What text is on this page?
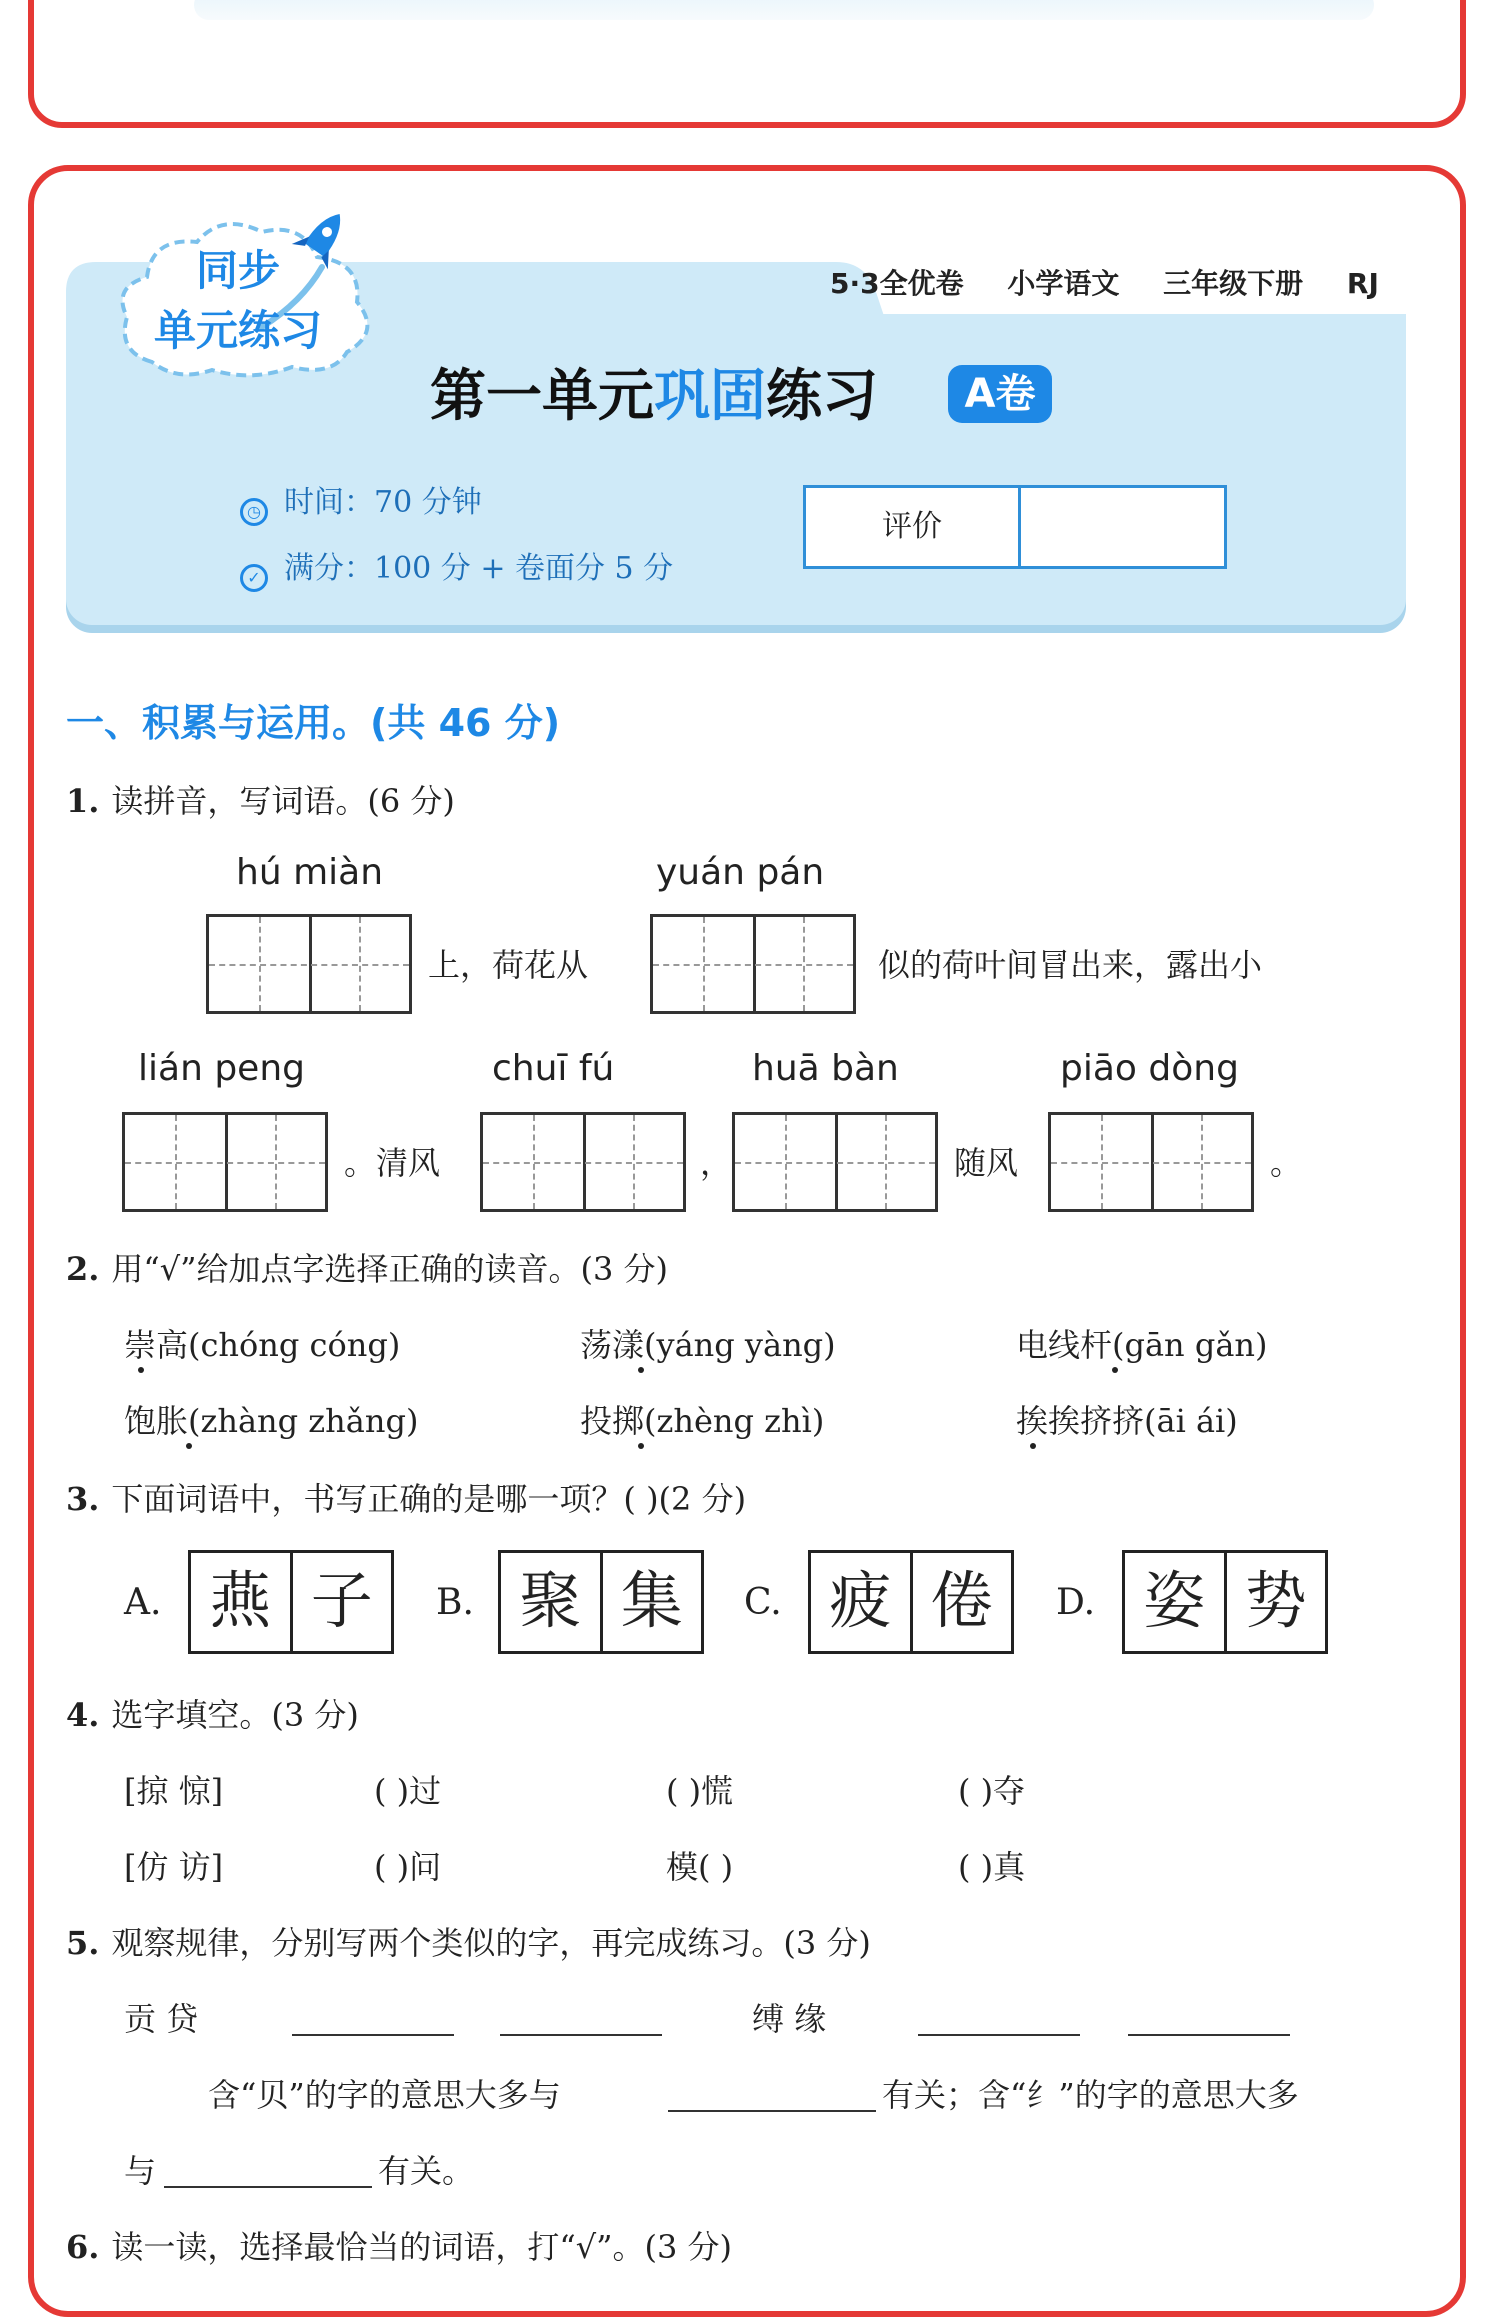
5·3全优卷 小学语文 三年级下册 RJ
同步
单元练习
第一单元巩固练习	A卷
◷ 时间：70 分钟
✓ 满分：100 分 + 卷面分 5 分
评价
一、积累与运用。(共 46 分)
1. 读拼音，写词语。(6 分)
hú miàn	yuán pán
上，荷花从	似的荷叶间冒出来，露出小
lián peng	chuī fú	huā bàn	piāo dòng
。清风	，	随风	。
2. 用“√”给加点字选择正确的读音。(3 分)
崇高(chóng cóng)	荡漾(yáng yàng)	电线杆(gān gǎn)
饱胀(zhàng zhǎng)	投掷(zhèng zhì)	挨挨挤挤(āi ái)
3. 下面词语中，书写正确的是哪一项？( )(2 分)
A. 燕 子	B. 聚 集	C. 疲 倦	D. 姿 势
4. 选字填空。(3 分)
[掠 惊]	( )过	( )慌	( )夺
[仿 访]	( )问	模( )	( )真
5. 观察规律，分别写两个类似的字，再完成练习。(3 分)
贡 贷	缚 缘
含“贝”的字的意思大多与	有关；含“纟”的字的意思大多
与	有关。
6. 读一读，选择最恰当的词语，打“√”。(3 分)
